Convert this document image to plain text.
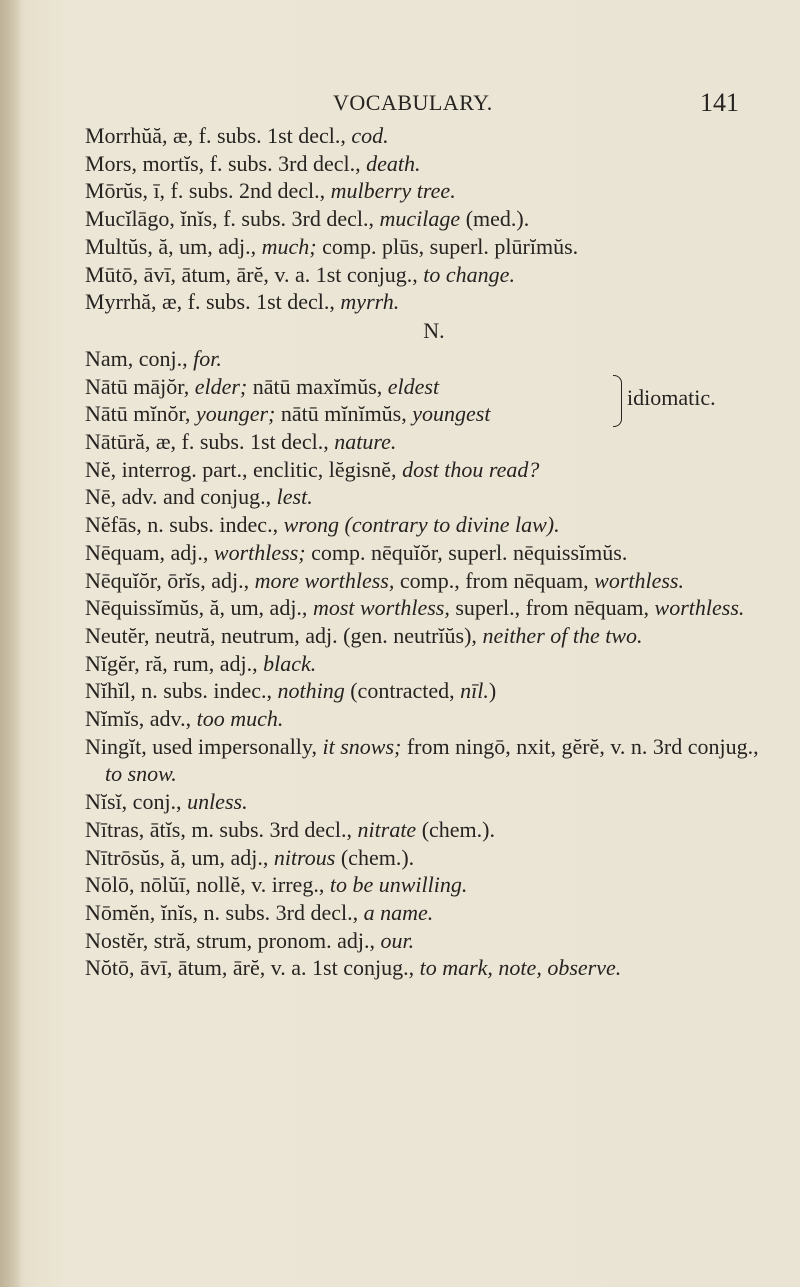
VOCABULARY.	141
Morrhŭă, æ, f. subs. 1st decl., cod.
Mors, mortĭs, f. subs. 3rd decl., death.
Mōrŭs, ī, f. subs. 2nd decl., mulberry tree.
Mucĭlāgo, ĭnĭs, f. subs. 3rd decl., mucilage (med.).
Multŭs, ă, um, adj., much; comp. plūs, superl. plūrĭmŭs.
Mūtō, āvī, ātum, ārĕ, v. a. 1st conjug., to change.
Myrrhă, æ, f. subs. 1st decl., myrrh.
N.
Nam, conj., for.
Nātū mājŏr, elder; nātū maxĭmŭs, eldest
Nātū mĭnŏr, younger; nātū mĭnĭmŭs, youngest
idiomatic.
Nātūră, æ, f. subs. 1st decl., nature.
Nĕ, interrog. part., enclitic, lĕgisnĕ, dost thou read?
Nē, adv. and conjug., lest.
Nĕfās, n. subs. indec., wrong (contrary to divine law).
Nēquam, adj., worthless; comp. nēquĭŏr, superl. nēquissĭmŭs.
Nēquĭŏr, ōrĭs, adj., more worthless, comp., from nēquam, worthless.
Nēquissĭmŭs, ă, um, adj., most worthless, superl., from nēquam, worthless.
Neutĕr, neutră, neutrum, adj. (gen. neutrĭŭs), neither of the two.
Nĭgĕr, ră, rum, adj., black.
Nĭhĭl, n. subs. indec., nothing (contracted, nīl.)
Nĭmĭs, adv., too much.
Ningĭt, used impersonally, it snows; from ningō, nxit, gĕrĕ, v. n. 3rd conjug., to snow.
Nĭsĭ, conj., unless.
Nītras, ātĭs, m. subs. 3rd decl., nitrate (chem.).
Nītrōsŭs, ă, um, adj., nitrous (chem.).
Nōlō, nōlŭī, nollĕ, v. irreg., to be unwilling.
Nōmĕn, ĭnĭs, n. subs. 3rd decl., a name.
Nostĕr, stră, strum, pronom. adj., our.
Nŏtō, āvī, ātum, ārĕ, v. a. 1st conjug., to mark, note, observe.
